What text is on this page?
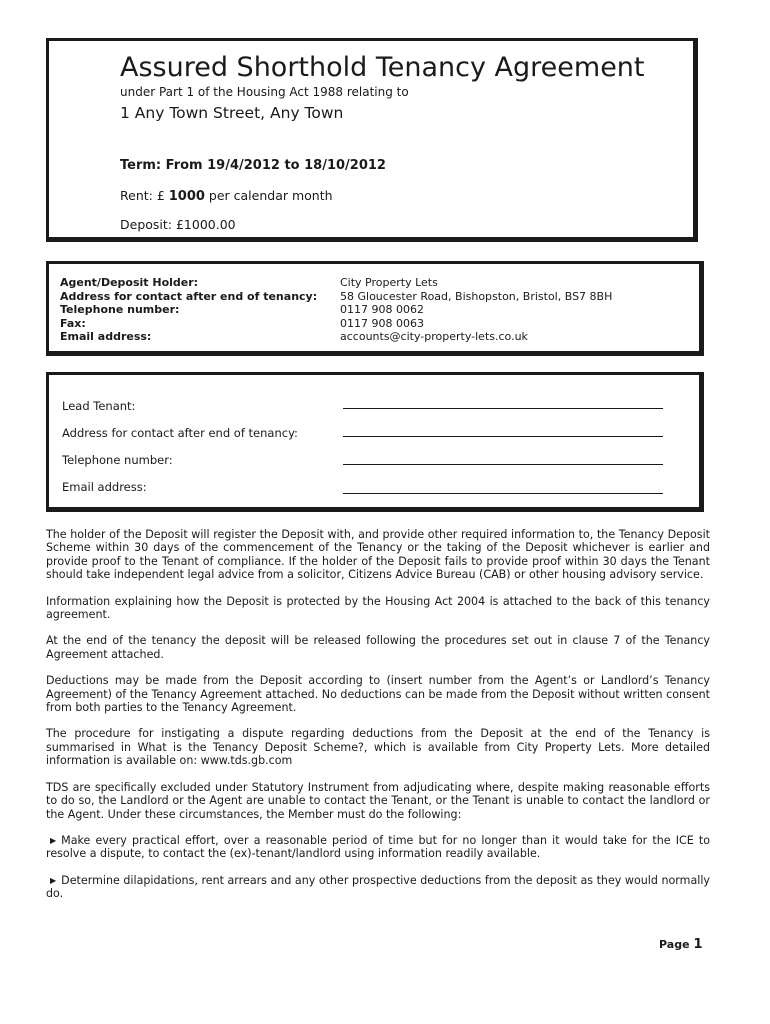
Assured Shorthold Tenancy Agreement
under Part 1 of the Housing Act 1988 relating to
1 Any Town Street, Any Town
Term: From 19/4/2012 to 18/10/2012
Rent: £ 1000 per calendar month
Deposit: £1000.00
Agent/Deposit Holder:
Address for contact after end of tenancy:
Telephone number:
Fax:
Email address:
City Property Lets
58 Gloucester Road, Bishopston, Bristol, BS7 8BH
0117 908 0062
0117 908 0063
accounts@city-property-lets.co.uk
Lead Tenant:
Address for contact after end of tenancy:
Telephone number:
Email address:

The holder of the Deposit will register the Deposit with, and provide other required information to, the Tenancy Deposit Scheme within 30 days of the commencement of the Tenancy or the taking of the Deposit whichever is earlier and provide proof to the Tenant of compliance. If the holder of the Deposit fails to provide proof within 30 days the Tenant should take independent legal advice from a solicitor, Citizens Advice Bureau (CAB) or other housing advisory service.

Information explaining how the Deposit is protected by the Housing Act 2004 is attached to the back of this tenancy agreement.

At the end of the tenancy the deposit will be released following the procedures set out in clause 7 of the Tenancy Agreement attached.

Deductions may be made from the Deposit according to (insert number from the Agent’s or Landlord’s Tenancy Agreement) of the Tenancy Agreement attached. No deductions can be made from the Deposit without written consent from both parties to the Tenancy Agreement.

The procedure for instigating a dispute regarding deductions from the Deposit at the end of the Tenancy is summarised in What is the Tenancy Deposit Scheme?, which is available from City Property Lets. More detailed information is available on: www.tds.gb.com

TDS are specifically excluded under Statutory Instrument from adjudicating where, despite making reasonable efforts to do so, the Landlord or the Agent are unable to contact the Tenant, or the Tenant is unable to contact the landlord or the Agent. Under these circumstances, the Member must do the following:

▶ Make every practical effort, over a reasonable period of time but for no longer than it would take for the ICE to resolve a dispute, to contact the (ex)-tenant/landlord using information readily available.

▶ Determine dilapidations, rent arrears and any other prospective deductions from the deposit as they would normally do.

Page 1
